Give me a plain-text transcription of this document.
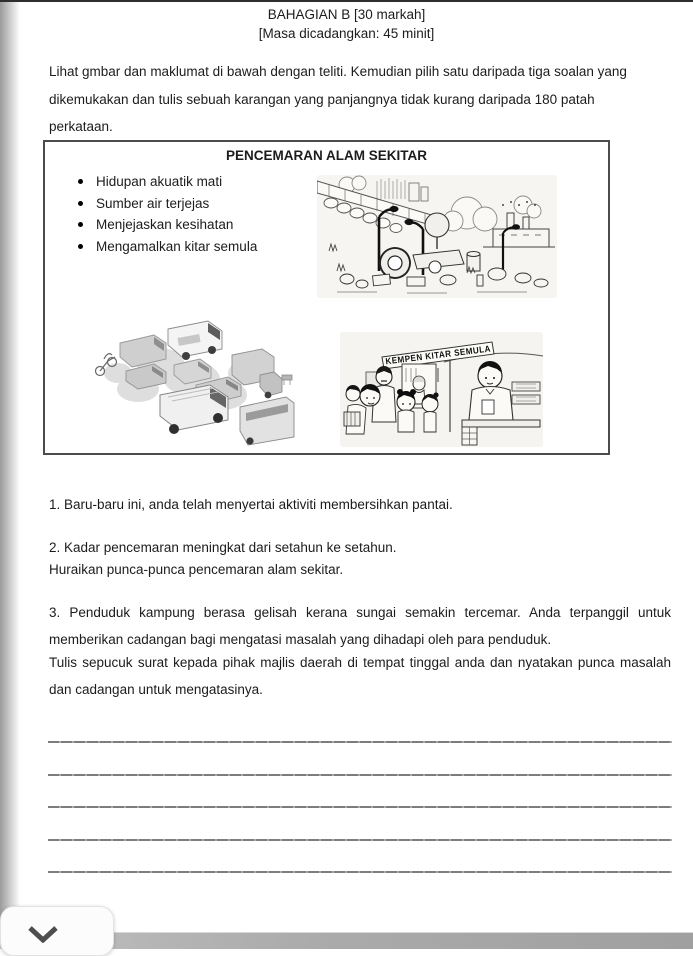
BAHAGIAN B [30 markah]
[Masa dicadangkan: 45 minit]

Lihat gmbar dan maklumat di bawah dengan teliti. Kemudian pilih satu daripada tiga soalan yang dikemukakan dan tulis sebuah karangan yang panjangnya tidak kurang daripada 180 patah perkataan.

PENCEMARAN ALAM SEKITAR
Hidupan akuatik mati
Sumber air terjejas
Menjejaskan kesihatan
Mengamalkan kitar semula
KEMPEN KITAR SEMULA

1. Baru-baru ini, anda telah menyertai aktiviti membersihkan pantai.

2. Kadar pencemaran meningkat dari setahun ke setahun.

Huraikan punca-punca pencemaran alam sekitar.

3. Penduduk kampung berasa gelisah kerana sungai semakin tercemar. Anda terpanggil untuk memberikan cadangan bagi mengatasi masalah yang dihadapi oleh para penduduk.

Tulis sepucuk surat kepada pihak majlis daerah di tempat tinggal anda dan nyatakan punca masalah dan cadangan untuk mengatasinya.
